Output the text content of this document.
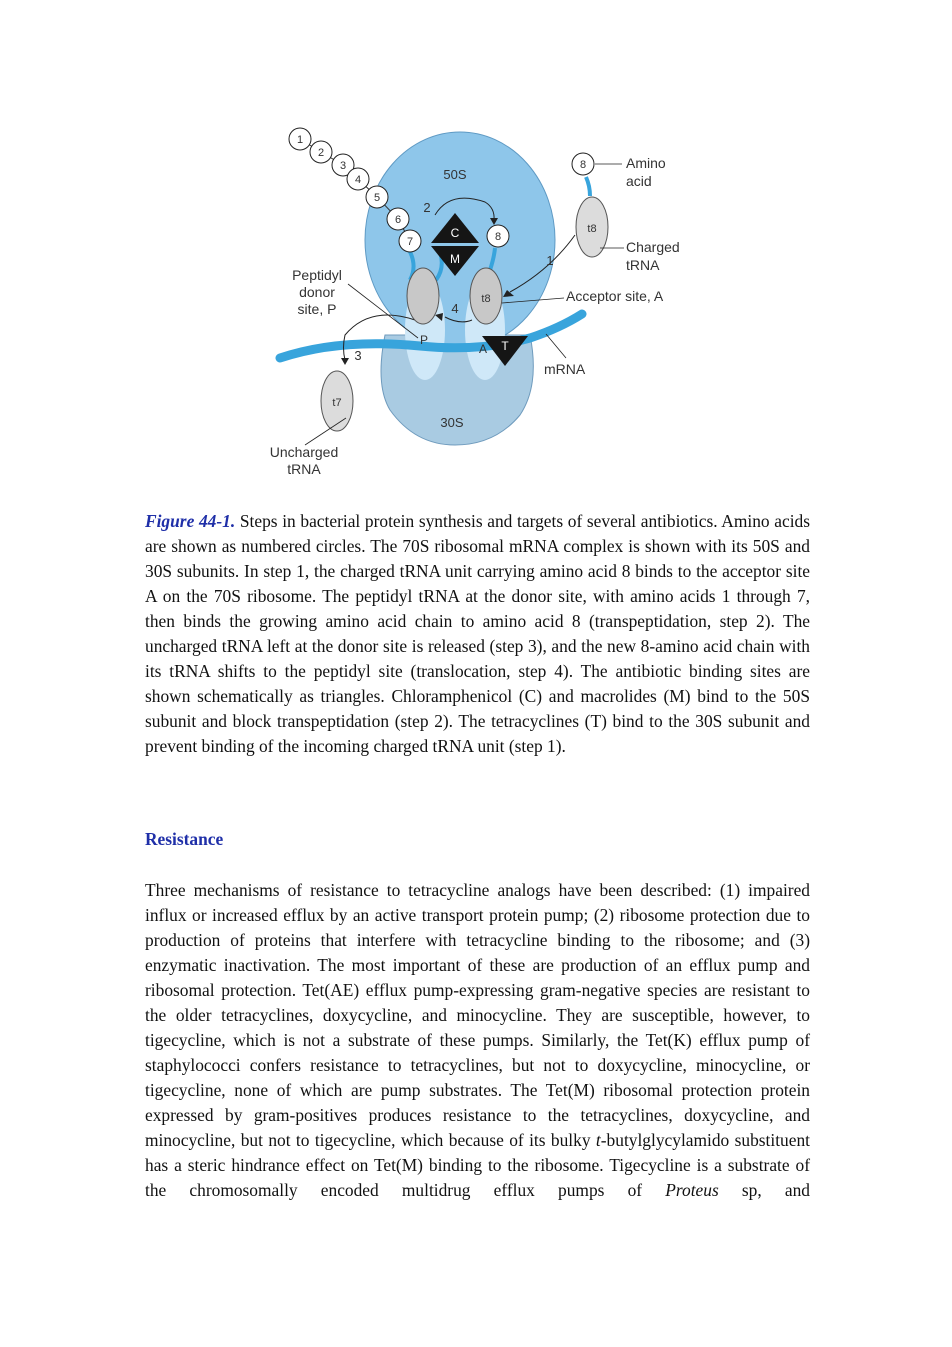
1
2
3
4
5
6
7
50S
30S
C
M
T
t8
t8
t7
P
A
8
8
1
2
3
4
Amino
acid
Charged
tRNA
Acceptor site, A
mRNA
Peptidyl
donor
site, P
Uncharged
tRNA

Figure 44-1. Steps in bacterial protein synthesis and targets of several antibiotics. Amino acids are shown as numbered circles. The 70S ribosomal mRNA complex is shown with its 50S and 30S subunits. In step 1, the charged tRNA unit carrying amino acid 8 binds to the acceptor site A on the 70S ribosome. The peptidyl tRNA at the donor site, with amino acids 1 through 7, then binds the growing amino acid chain to amino acid 8 (transpeptidation, step 2). The uncharged tRNA left at the donor site is released (step 3), and the new 8-amino acid chain with its tRNA shifts to the peptidyl site (translocation, step 4). The antibiotic binding sites are shown schematically as triangles. Chloramphenicol (C) and macrolides (M) bind to the 50S subunit and block transpeptidation (step 2). The tetracyclines (T) bind to the 30S subunit and prevent binding of the incoming charged tRNA unit (step 1).

Resistance

Three mechanisms of resistance to tetracycline analogs have been described: (1) impaired influx or increased efflux by an active transport protein pump; (2) ribosome protection due to production of proteins that interfere with tetracycline binding to the ribosome; and (3) enzymatic inactivation. The most important of these are production of an efflux pump and ribosomal protection. Tet(AE) efflux pump-expressing gram-negative species are resistant to the older tetracyclines, doxycycline, and minocycline. They are susceptible, however, to tigecycline, which is not a substrate of these pumps. Similarly, the Tet(K) efflux pump of staphylococci confers resistance to tetracyclines, but not to doxycycline, minocycline, or tigecycline, none of which are pump substrates. The Tet(M) ribosomal protection protein expressed by gram-positives produces resistance to the tetracyclines, doxycycline, and minocycline, but not to tigecycline, which because of its bulky t-butylglycylamido substituent has a steric hindrance effect on Tet(M) binding to the ribosome. Tigecycline is a substrate of the chromosomally encoded multidrug efflux pumps of Proteus sp, and
